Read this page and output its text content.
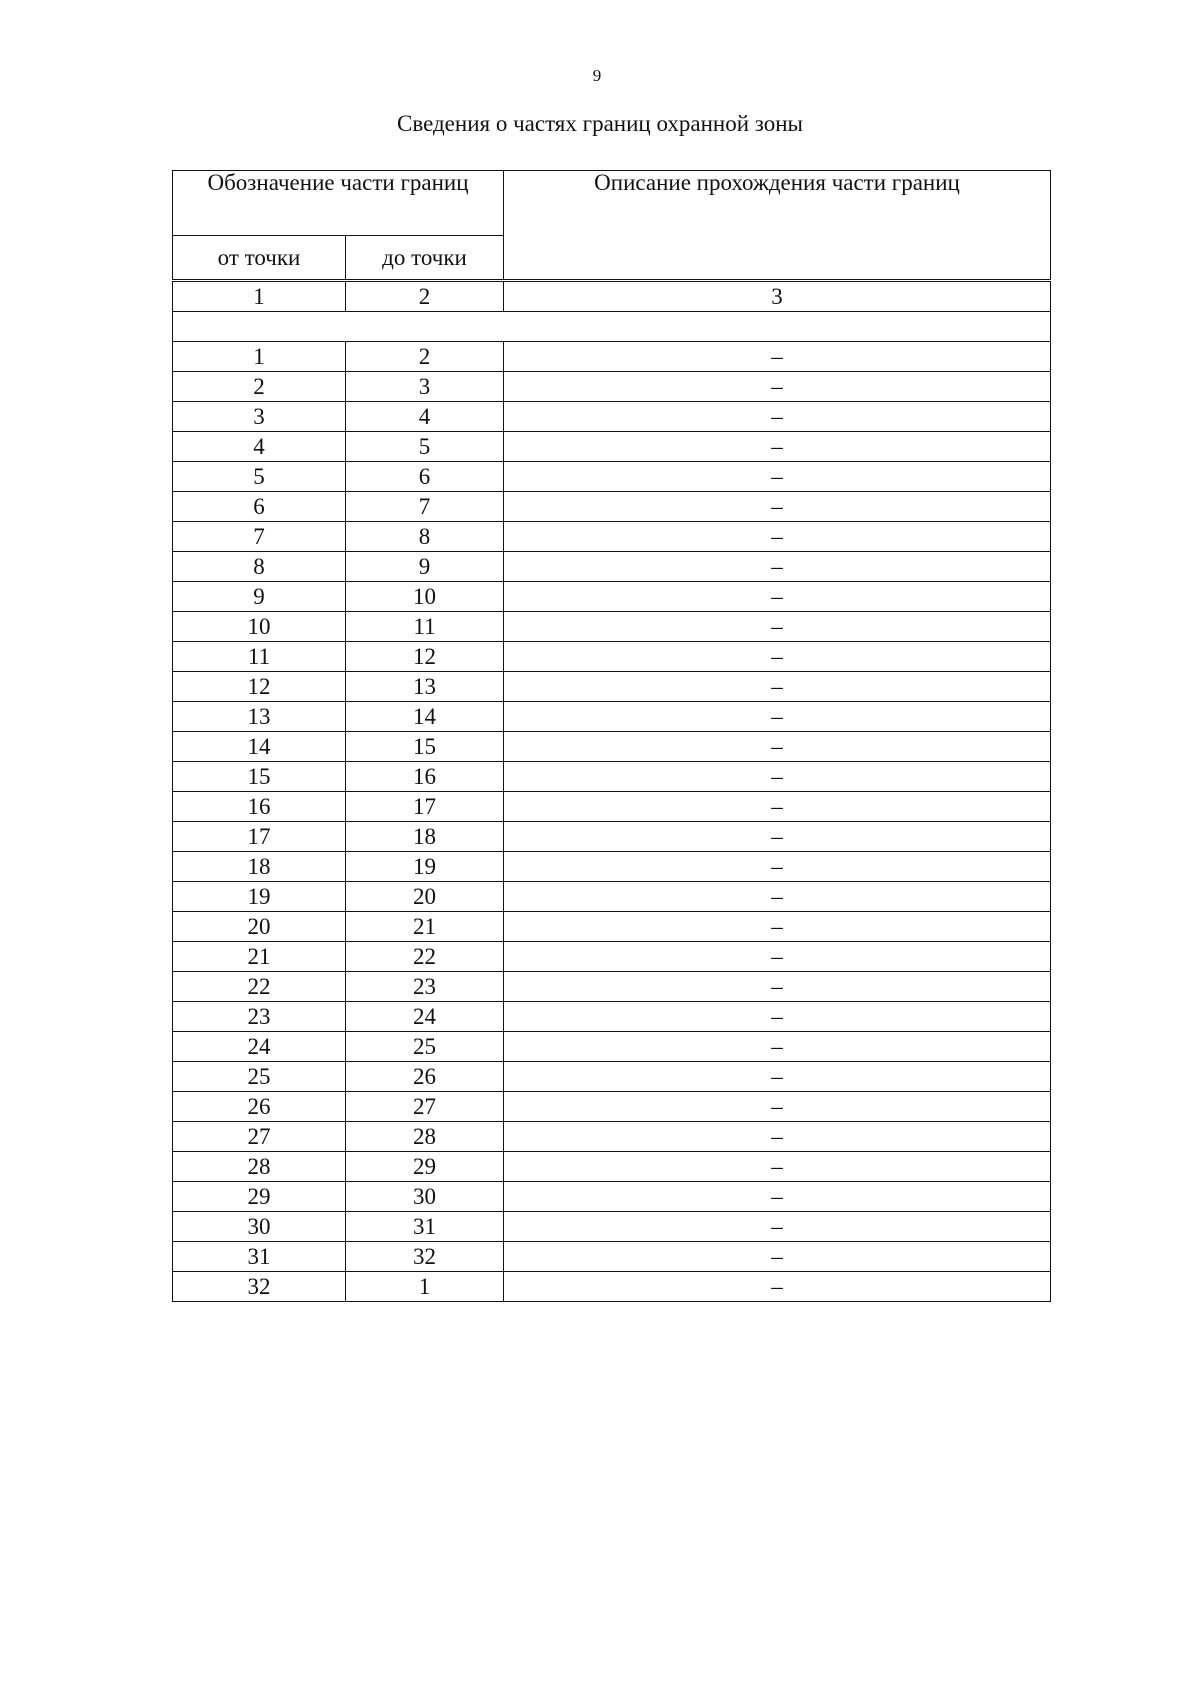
9
Сведения о частях границ охранной зоны
Обозначение части границ		Описание прохождения части границ
от точки	до точки	

1	2	3

1	2	–
2	3	–
3	4	–
4	5	–
5	6	–
6	7	–
7	8	–
8	9	–
9	10	–
10	11	–
11	12	–
12	13	–
13	14	–
14	15	–
15	16	–
16	17	–
17	18	–
18	19	–
19	20	–
20	21	–
21	22	–
22	23	–
23	24	–
24	25	–
25	26	–
26	27	–
27	28	–
28	29	–
29	30	–
30	31	–
31	32	–
32	1	–
